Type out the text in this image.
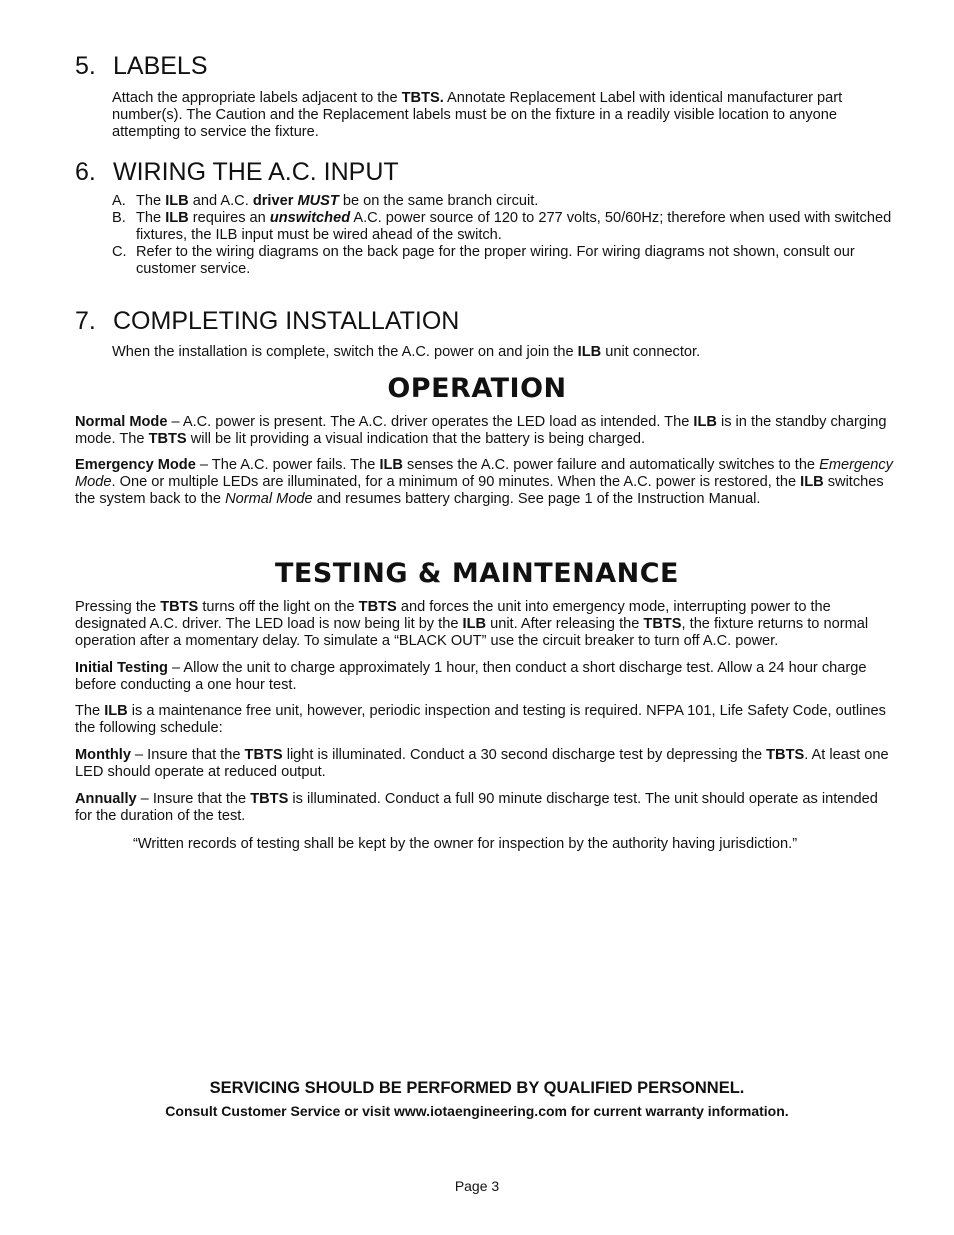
5. LABELS

Attach the appropriate labels adjacent to the TBTS. Annotate Replacement Label with identical manufacturer part number(s). The Caution and the Replacement labels must be on the fixture in a readily visible location to anyone attempting to service the fixture.

6. WIRING THE A.C. INPUT
A. The ILB and A.C. driver MUST be on the same branch circuit.
B. The ILB requires an unswitched A.C. power source of 120 to 277 volts, 50/60Hz; therefore when used with switched fixtures, the ILB input must be wired ahead of the switch.
C. Refer to the wiring diagrams on the back page for the proper wiring. For wiring diagrams not shown, consult our customer service.
7. COMPLETING INSTALLATION

When the installation is complete, switch the A.C. power on and join the ILB unit connector.

OPERATION

Normal Mode – A.C. power is present. The A.C. driver operates the LED load as intended. The ILB is in the standby charging mode. The TBTS will be lit providing a visual indication that the battery is being charged.

Emergency Mode – The A.C. power fails. The ILB senses the A.C. power failure and automatically switches to the Emergency Mode. One or multiple LEDs are illuminated, for a minimum of 90 minutes. When the A.C. power is restored, the ILB switches the system back to the Normal Mode and resumes battery charging. See page 1 of the Instruction Manual.

TESTING & MAINTENANCE

Pressing the TBTS turns off the light on the TBTS and forces the unit into emergency mode, interrupting power to the designated A.C. driver. The LED load is now being lit by the ILB unit. After releasing the TBTS, the fixture returns to normal operation after a momentary delay. To simulate a “BLACK OUT” use the circuit breaker to turn off A.C. power.

Initial Testing – Allow the unit to charge approximately 1 hour, then conduct a short discharge test. Allow a 24 hour charge before conducting a one hour test.

The ILB is a maintenance free unit, however, periodic inspection and testing is required. NFPA 101, Life Safety Code, outlines the following schedule:

Monthly – Insure that the TBTS light is illuminated. Conduct a 30 second discharge test by depressing the TBTS. At least one LED should operate at reduced output.

Annually – Insure that the TBTS is illuminated. Conduct a full 90 minute discharge test. The unit should operate as intended for the duration of the test.

“Written records of testing shall be kept by the owner for inspection by the authority having jurisdiction.”

SERVICING SHOULD BE PERFORMED BY QUALIFIED PERSONNEL.

Consult Customer Service or visit www.iotaengineering.com for current warranty information.

Page 3
